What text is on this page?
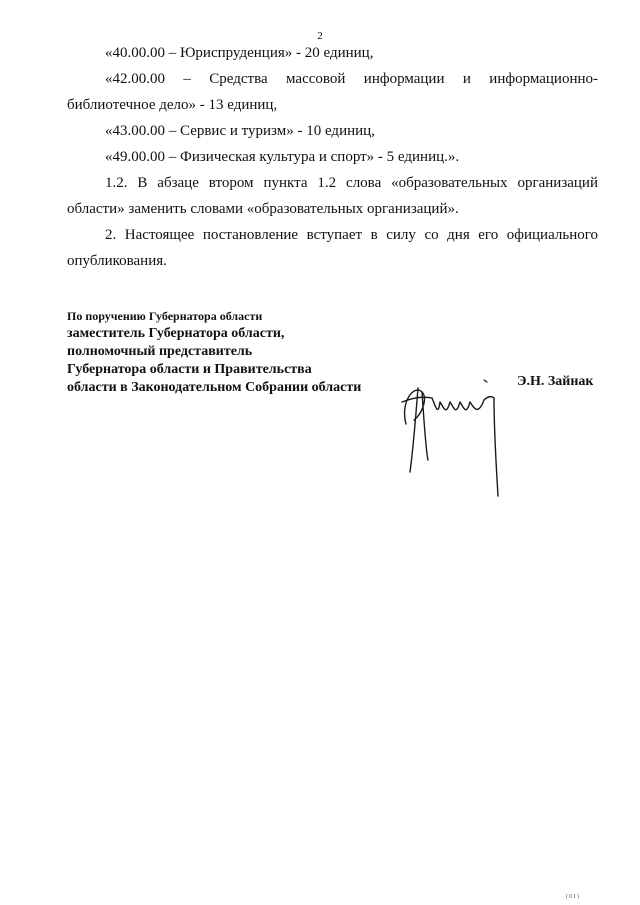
2

«40.00.00 – Юриспруденция» - 20 единиц,

«42.00.00 – Средства массовой информации и информационно-библиотечное дело» - 13 единиц,

«43.00.00 – Сервис и туризм» - 10 единиц,

«49.00.00 – Физическая культура и спорт» - 5 единиц.».

1.2. В абзаце втором пункта 1.2 слова «образовательных организаций области» заменить словами «образовательных организаций».

2. Настоящее постановление вступает в силу со дня его официального опубликования.

По поручению Губернатора области
заместитель Губернатора области,
полномочный представитель
Губернатора области и Правительства
области в Законодательном Собрании области	Э.Н. Зайнак
(01)
